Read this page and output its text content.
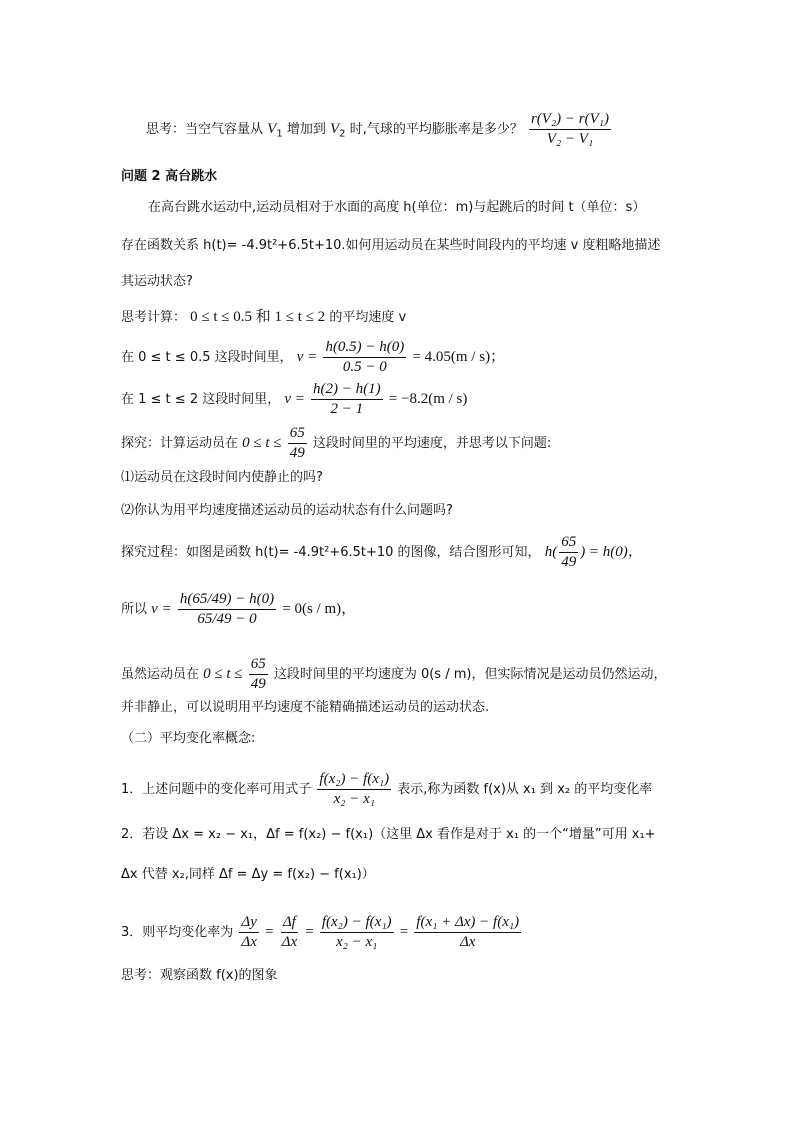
思考：当空气容量从 $V_1$ 增加到 $V_2$ 时,气球的平均膨胀率是多少？ $\frac{\text{r(V₂) − r(V₁)}}{\text{V₂ − V₁}}$
问题 2 高台跳水
在高台跳水运动中,运动员相对于水面的高度 h(单位：m)与起跳后的时间 t（单位：s）
存在函数关系 h(t)= -4.9t²+6.5t+10.如何用运动员在某些时间段内的平均速 v 度粗略地描述
其运动状态?
思考计算： 0 ≤ t ≤ 0.5 和 1 ≤ t ≤ 2 的平均速度 v
在 0 ≤ t ≤ 0.5 这段时间里， $v = \frac{h(0.5) - h(0)}{0.5 - 0} = 4.05(m / s)$；
在 1 ≤ t ≤ 2 这段时间里， $v = \frac{h(2) - h(1)}{2 - 1} = -8.2(m / s)$
探究：计算运动员在 $0 \le t \le \frac{65}{49}$ 这段时间里的平均速度，并思考以下问题:
⑴运动员在这段时间内使静止的吗?
⑵你认为用平均速度描述运动员的运动状态有什么问题吗?
探究过程：如图是函数 h(t)= -4.9t²+6.5t+10 的图像，结合图形可知， $h( \frac{65}{49}$ ) = h(0)，
所以 $v = \frac{h(65/49) - h(0)}{65/49 - 0} = 0(s / m)$，
虽然运动员在 $0 \le t \le \frac{65}{49}$ 这段时间里的平均速度为 0(s / m)，但实际情况是运动员仍然运动，
并非静止，可以说明用平均速度不能精确描述运动员的运动状态.
（二）平均变化率概念:
1．上述问题中的变化率可用式子 $\frac{\text{f(x₂) − f(x₁)}}{\text{x₂ − x₁}}$ 表示,称为函数 f(x)从 x₁ 到 x₂ 的平均变化率
2．若设 Δx = x₂ − x₁，Δf = f(x₂) − f(x₁)（这里 Δx 看作是对于 x₁ 的一个“增量”可用 x₁+
Δx 代替 x₂,同样 Δf = Δy = f(x₂) − f(x₁)）
3．则平均变化率为 $\frac{\Delta y}{\Delta x} = \frac{\Delta f}{\Delta x} = \frac{\text{f(x₂) − f(x₁)}}{\text{x₂ − x₁}} = \frac{\text{f(x₁ + Δx) − f(x₁)}}{\Delta x}$
思考：观察函数 f(x)的图象
